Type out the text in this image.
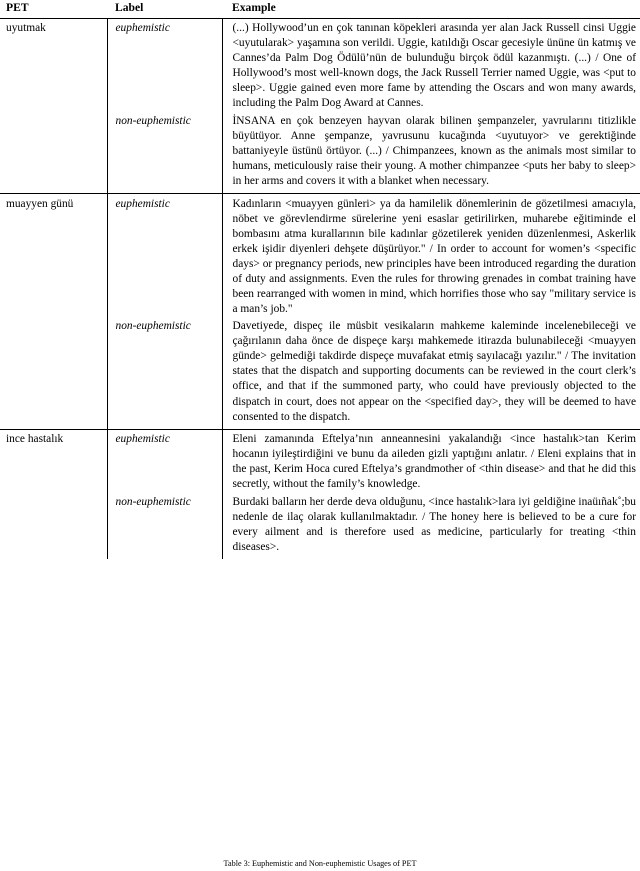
PET	Label	Example

uyutmak	euphemistic	(...) Hollywood’un en çok tanınan köpekleri arasında yer alan Jack Russell cinsi Uggie <uyutularak> yaşamına son verildi. Uggie, katıldığı Oscar gecesiyle ününe ün katmış ve Cannes’da Palm Dog Ödülü’nün de bulunduğu birçok ödül kazanmıştı. (...) / One of Hollywood’s most well-known dogs, the Jack Russell Terrier named Uggie, was <put to sleep>. Uggie gained even more fame by attending the Oscars and won many awards, including the Palm Dog Award at Cannes.
	non-euphemistic	İNSANA en çok benzeyen hayvan olarak bilinen şempanzeler, yavrularını titizlikle büyütüyor. Anne şempanze, yavrusunu kucağında <uyutuyor> ve gerektiğinde battaniyeyle üstünü örtüyor. (...) / Chimpanzees, known as the animals most similar to humans, meticulously raise their young. A mother chimpanzee <puts her baby to sleep> in her arms and covers it with a blanket when necessary.

muayyen günü	euphemistic	Kadınların <muayyen günleri> ya da hamilelik dönemlerinin de gözetilmesi amacıyla, nöbet ve görevlendirme sürelerine yeni esaslar getirilirken, muharebe eğitiminde el bombasını atma kurallarının bile kadınlar gözetilerek yeniden düzenlenmesi, Askerlik erkek işidir diyenleri dehşete düşürüyor." / In order to account for women’s <specific days> or pregnancy periods, new principles have been introduced regarding the duration of duty and assignments. Even the rules for throwing grenades in combat training have been rearranged with women in mind, which horrifies those who say "military service is a man’s job."
	non-euphemistic	Davetiyede, dispeç ile müsbit vesikaların mahkeme kaleminde incelenebileceği ve çağırılanın daha önce de dispeçe karşı mahkemede itirazda bulunabileceği <muayyen günde> gelmediği takdirde dispeçe muvafakat etmiş sayılacağı yazılır." / The invitation states that the dispatch and supporting documents can be reviewed in the court clerk’s office, and that if the summoned party, who could have previously objected to the dispatch in court, does not appear on the <specified day>, they will be deemed to have consented to the dispatch.

ince hastalık	euphemistic	Eleni zamanında Eftelya’nın anneannesini yakalandığı <ince hastalık>tan Kerim hocanın iyileştirdiğini ve bunu da aileden gizli yaptığını anlatır. / Eleni explains that in the past, Kerim Hoca cured Eftelya’s grandmother of <thin disease> and that he did this secretly, without the family’s knowledge.
	non-euphemistic	Burdaki balların her derde deva olduğunu, <ince hastalık>lara iyi geldiğine inaüıñak˚;bu nedenle de ilaç olarak kullanılmaktadır. / The honey here is believed to be a cure for every ailment and is therefore used as medicine, particularly for treating <thin diseases>.
Table 3: Euphemistic and Non-euphemistic Usages of PET
